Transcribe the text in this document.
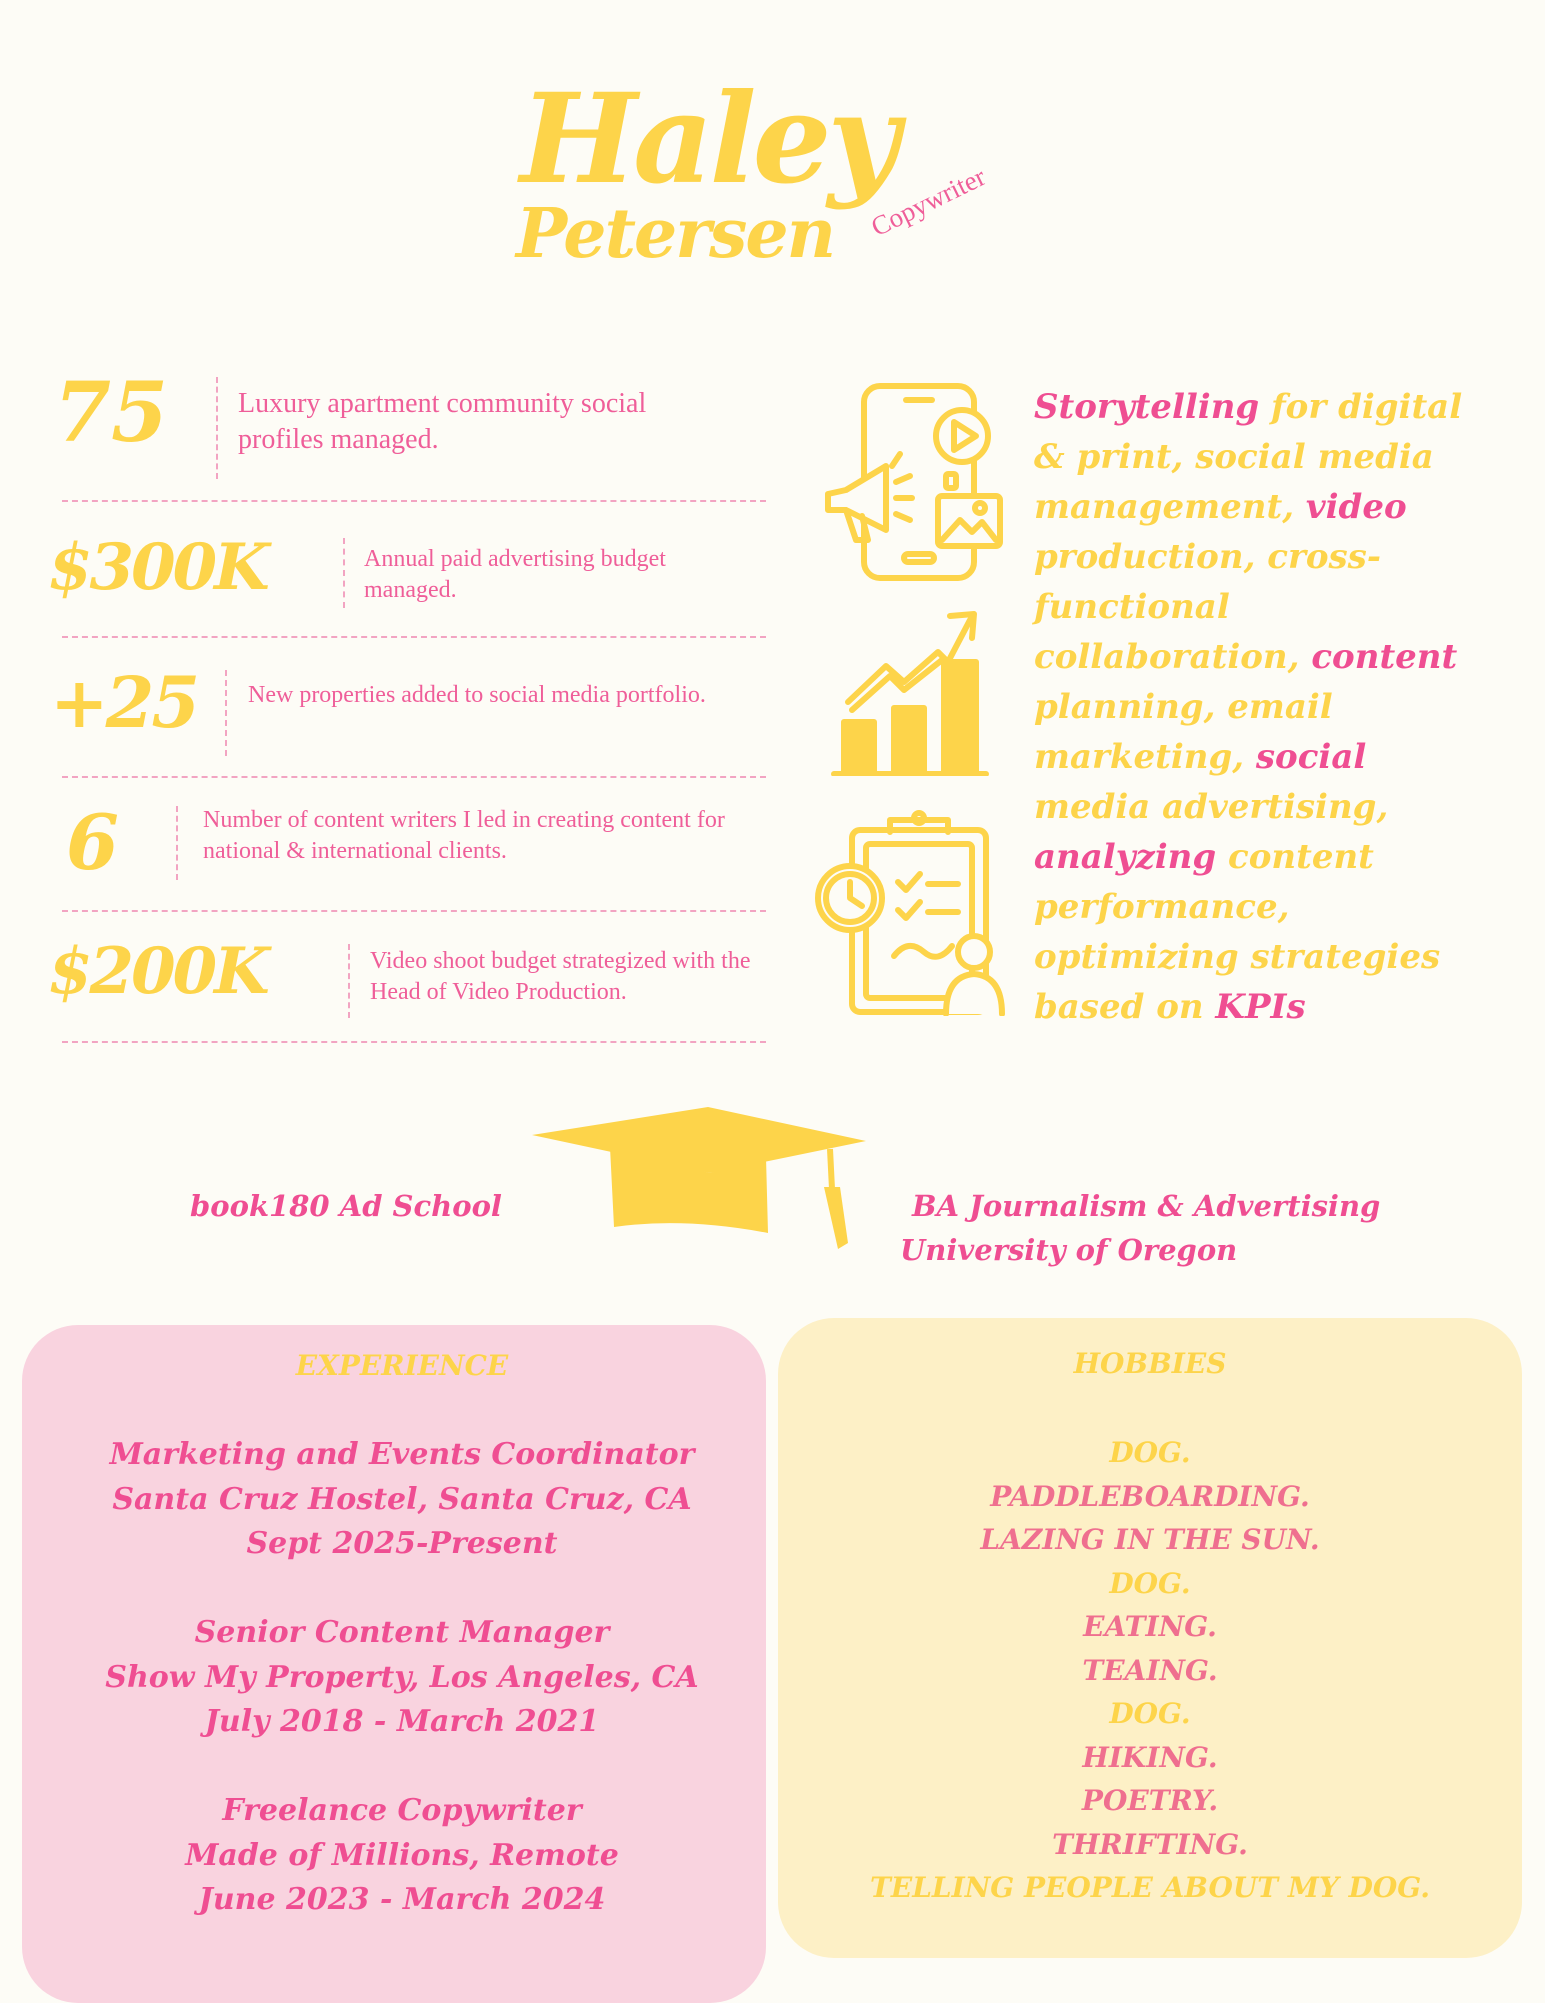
Haley
Petersen	Copywriter
75 Luxury apartment community social profiles managed.
$300K	Annual paid advertising budget managed.
+25 New properties added to social media portfolio.
6	Number of content writers I led in creating content for national & international clients.
$200K	Video shoot budget strategized with the Head of Video Production.
Storytelling for digital & print, social media management, video production, cross-functional collaboration, content planning, email marketing, social media advertising, analyzing content performance, optimizing strategies based on KPIs
book180 Ad School	BA Journalism & Advertising
University of Oregon
EXPERIENCE
Marketing and Events Coordinator
Santa Cruz Hostel, Santa Cruz, CA
Sept 2025-Present
Senior Content Manager
Show My Property, Los Angeles, CA
July 2018 - March 2021
Freelance Copywriter
Made of Millions, Remote
June 2023 - March 2024
HOBBIES
DOG.
PADDLEBOARDING.
LAZING IN THE SUN.
DOG.
EATING.
TEAING.
DOG.
HIKING.
POETRY.
THRIFTING.
TELLING PEOPLE ABOUT MY DOG.
